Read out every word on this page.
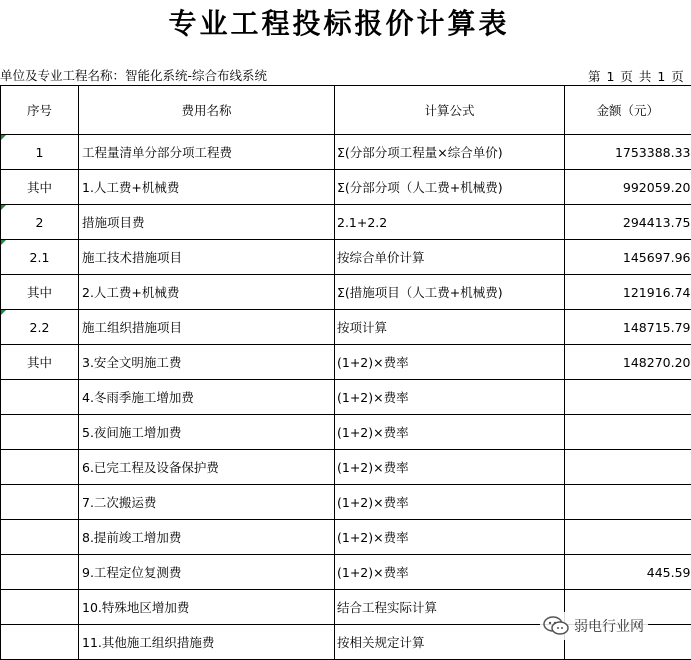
专业工程投标报价计算表
单位及专业工程名称：智能化系统-综合布线系统	第 1 页 共 1 页
序号	费用名称	计算公式	金额（元）
1	工程量清单分部分项工程费	Σ(分部分项工程量×综合单价)	1753388.33
其中	1.人工费+机械费	Σ(分部分项（人工费+机械费)	992059.20
2	措施项目费	2.1+2.2	294413.75
2.1	施工技术措施项目	按综合单价计算	145697.96
其中	2.人工费+机械费	Σ(措施项目（人工费+机械费)	121916.74
2.2	施工组织措施项目	按项计算	148715.79
其中	3.安全文明施工费	(1+2)×费率	148270.20
	4.冬雨季施工增加费	(1+2)×费率	
	5.夜间施工增加费	(1+2)×费率	
	6.已完工程及设备保护费	(1+2)×费率	
	7.二次搬运费	(1+2)×费率	
	8.提前竣工增加费	(1+2)×费率	
	9.工程定位复测费	(1+2)×费率	445.59
	10.特殊地区增加费	结合工程实际计算	
	11.其他施工组织措施费	按相关规定计算	
弱电行业网
